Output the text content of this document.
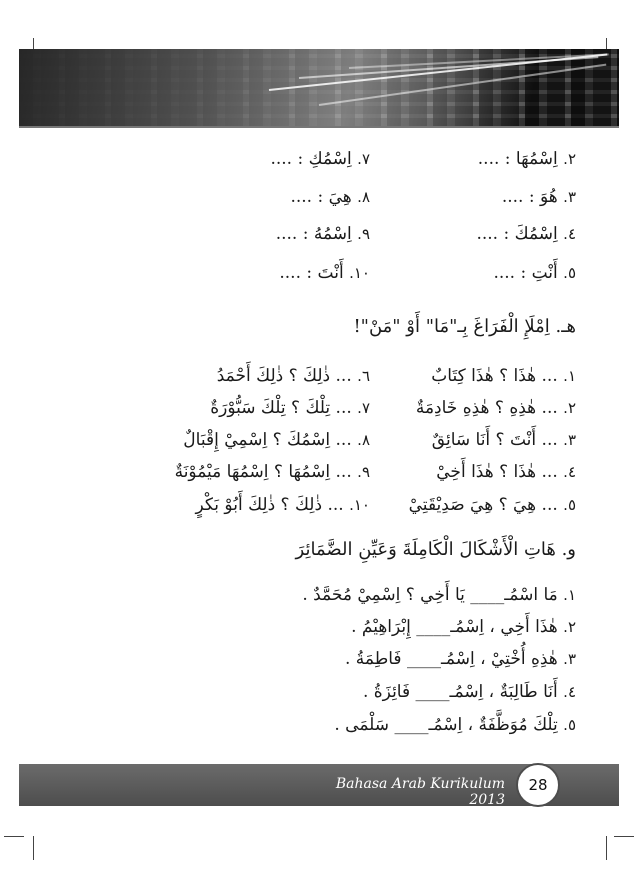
٢. اِسْمُهَا : ....
٧. اِسْمُكِ : ....
٣. هُوَ : ....
٨. هِيَ : ....
٤. اِسْمُكَ : ....
٩. اِسْمُهُ : ....
٥. أَنْتِ : ....
١٠. أَنْتَ : ....
هـ. اِمْلَإِ الْفَرَاغَ بِـ"مَا" أَوْ "مَنْ"!
١. ... هٰذَا ؟ هٰذَا كِتَابٌ
٦. ... ذٰلِكَ ؟ ذٰلِكَ أَحْمَدُ
٢. ... هٰذِهِ ؟ هٰذِهِ خَادِمَةٌ
٧. ... تِلْكَ ؟ تِلْكَ سَبُّوْرَةٌ
٣. ... أَنْتَ ؟ أَنَا سَائِقٌ
٨. ... اِسْمُكَ ؟ اِسْمِيْ إِقْبَالٌ
٤. ... هٰذَا ؟ هٰذَا أَخِيْ
٩. ... اِسْمُهَا ؟ اِسْمُهَا مَيْمُوْنَةٌ
٥. ... هِيَ ؟ هِيَ صَدِيْقَتِيْ
١٠. ... ذٰلِكَ ؟ ذٰلِكَ أَبُوْ بَكْرٍ
و. هَاتِ الْأَشْكَالَ الْكَامِلَةَ وَعَيِّنِ الضَّمَائِرَ
١. مَا اسْمُـ____ يَا أَخِي ؟ اِسْمِيْ مُحَمَّدٌ .
٢. هٰذَا أَخِي ، اِسْمُـ____ إِبْرَاهِيْمُ .
٣. هٰذِهِ أُخْتِيْ ، اِسْمُـ____ فَاطِمَةُ .
٤. أَنَا طَالِبَةٌ ، اِسْمُـ____ فَائِزَةُ .
٥. تِلْكَ مُوَظَّفَةٌ ، اِسْمُـ____ سَلْمَى .
Bahasa Arab Kurikulum 2013
28
